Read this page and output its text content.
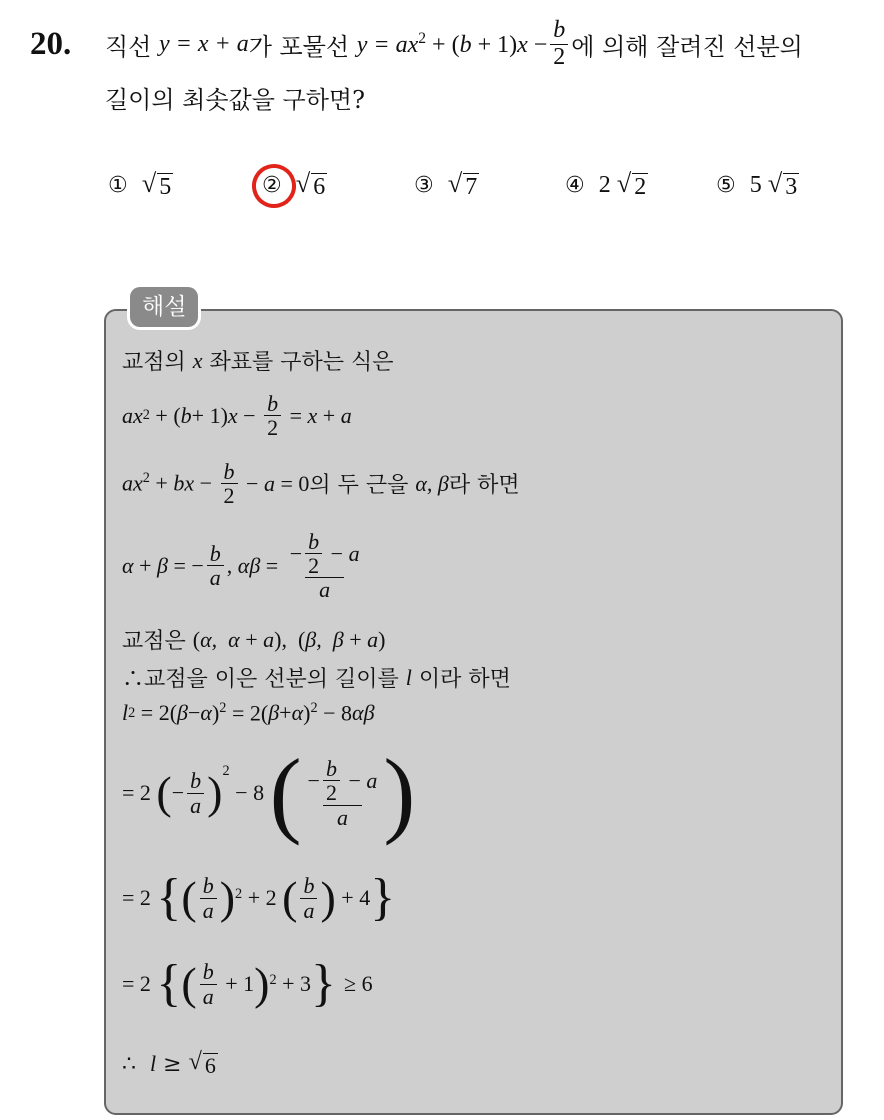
20. 직선
y = x + a 가 포물선
$y = ax^2 + (b + 1)x - \frac{b}{2}$ 에 의해 잘려진 선분의
길이의 최솟값을 구하면?
① √ 5	② √ 6	③ √ 7	④ 2 √ 2	⑤ 5 √ 3
해설
교점의
x
좌표를 구하는 식은
ax 2 + ( b + 1) $x - \frac{b}{2} = x + a$
$ax^2$ + bx − $\frac{b}{2} - a = 0$ 의 두 근을
α, β 라 하면
α + β = − $\frac{b}{a}$ , $\alpha\beta = \frac{- \frac{b}{2} - a}{a}$
교점은
(α,  α + a),  (β,  β + a)
∴교점을 이은 선분의 길이를
l
이라 하면
l 2 = 2( β − α )$^2$ = 2( β + α )$^2$ − 8 αβ
= 2 ( − $\frac{b}{a} )^2$
− 8 ( $\frac{- \frac{b}{2} - a}{a}$ )
= 2 { ( $\frac{b}{a}$ ) 2 + 2 ( $\frac{b}{a}$ ) + 4 }
= 2 { ( $\frac{b}{a} + 1$ ) 2 + 3 } ≥ 6
∴
l
≥
√ 6
